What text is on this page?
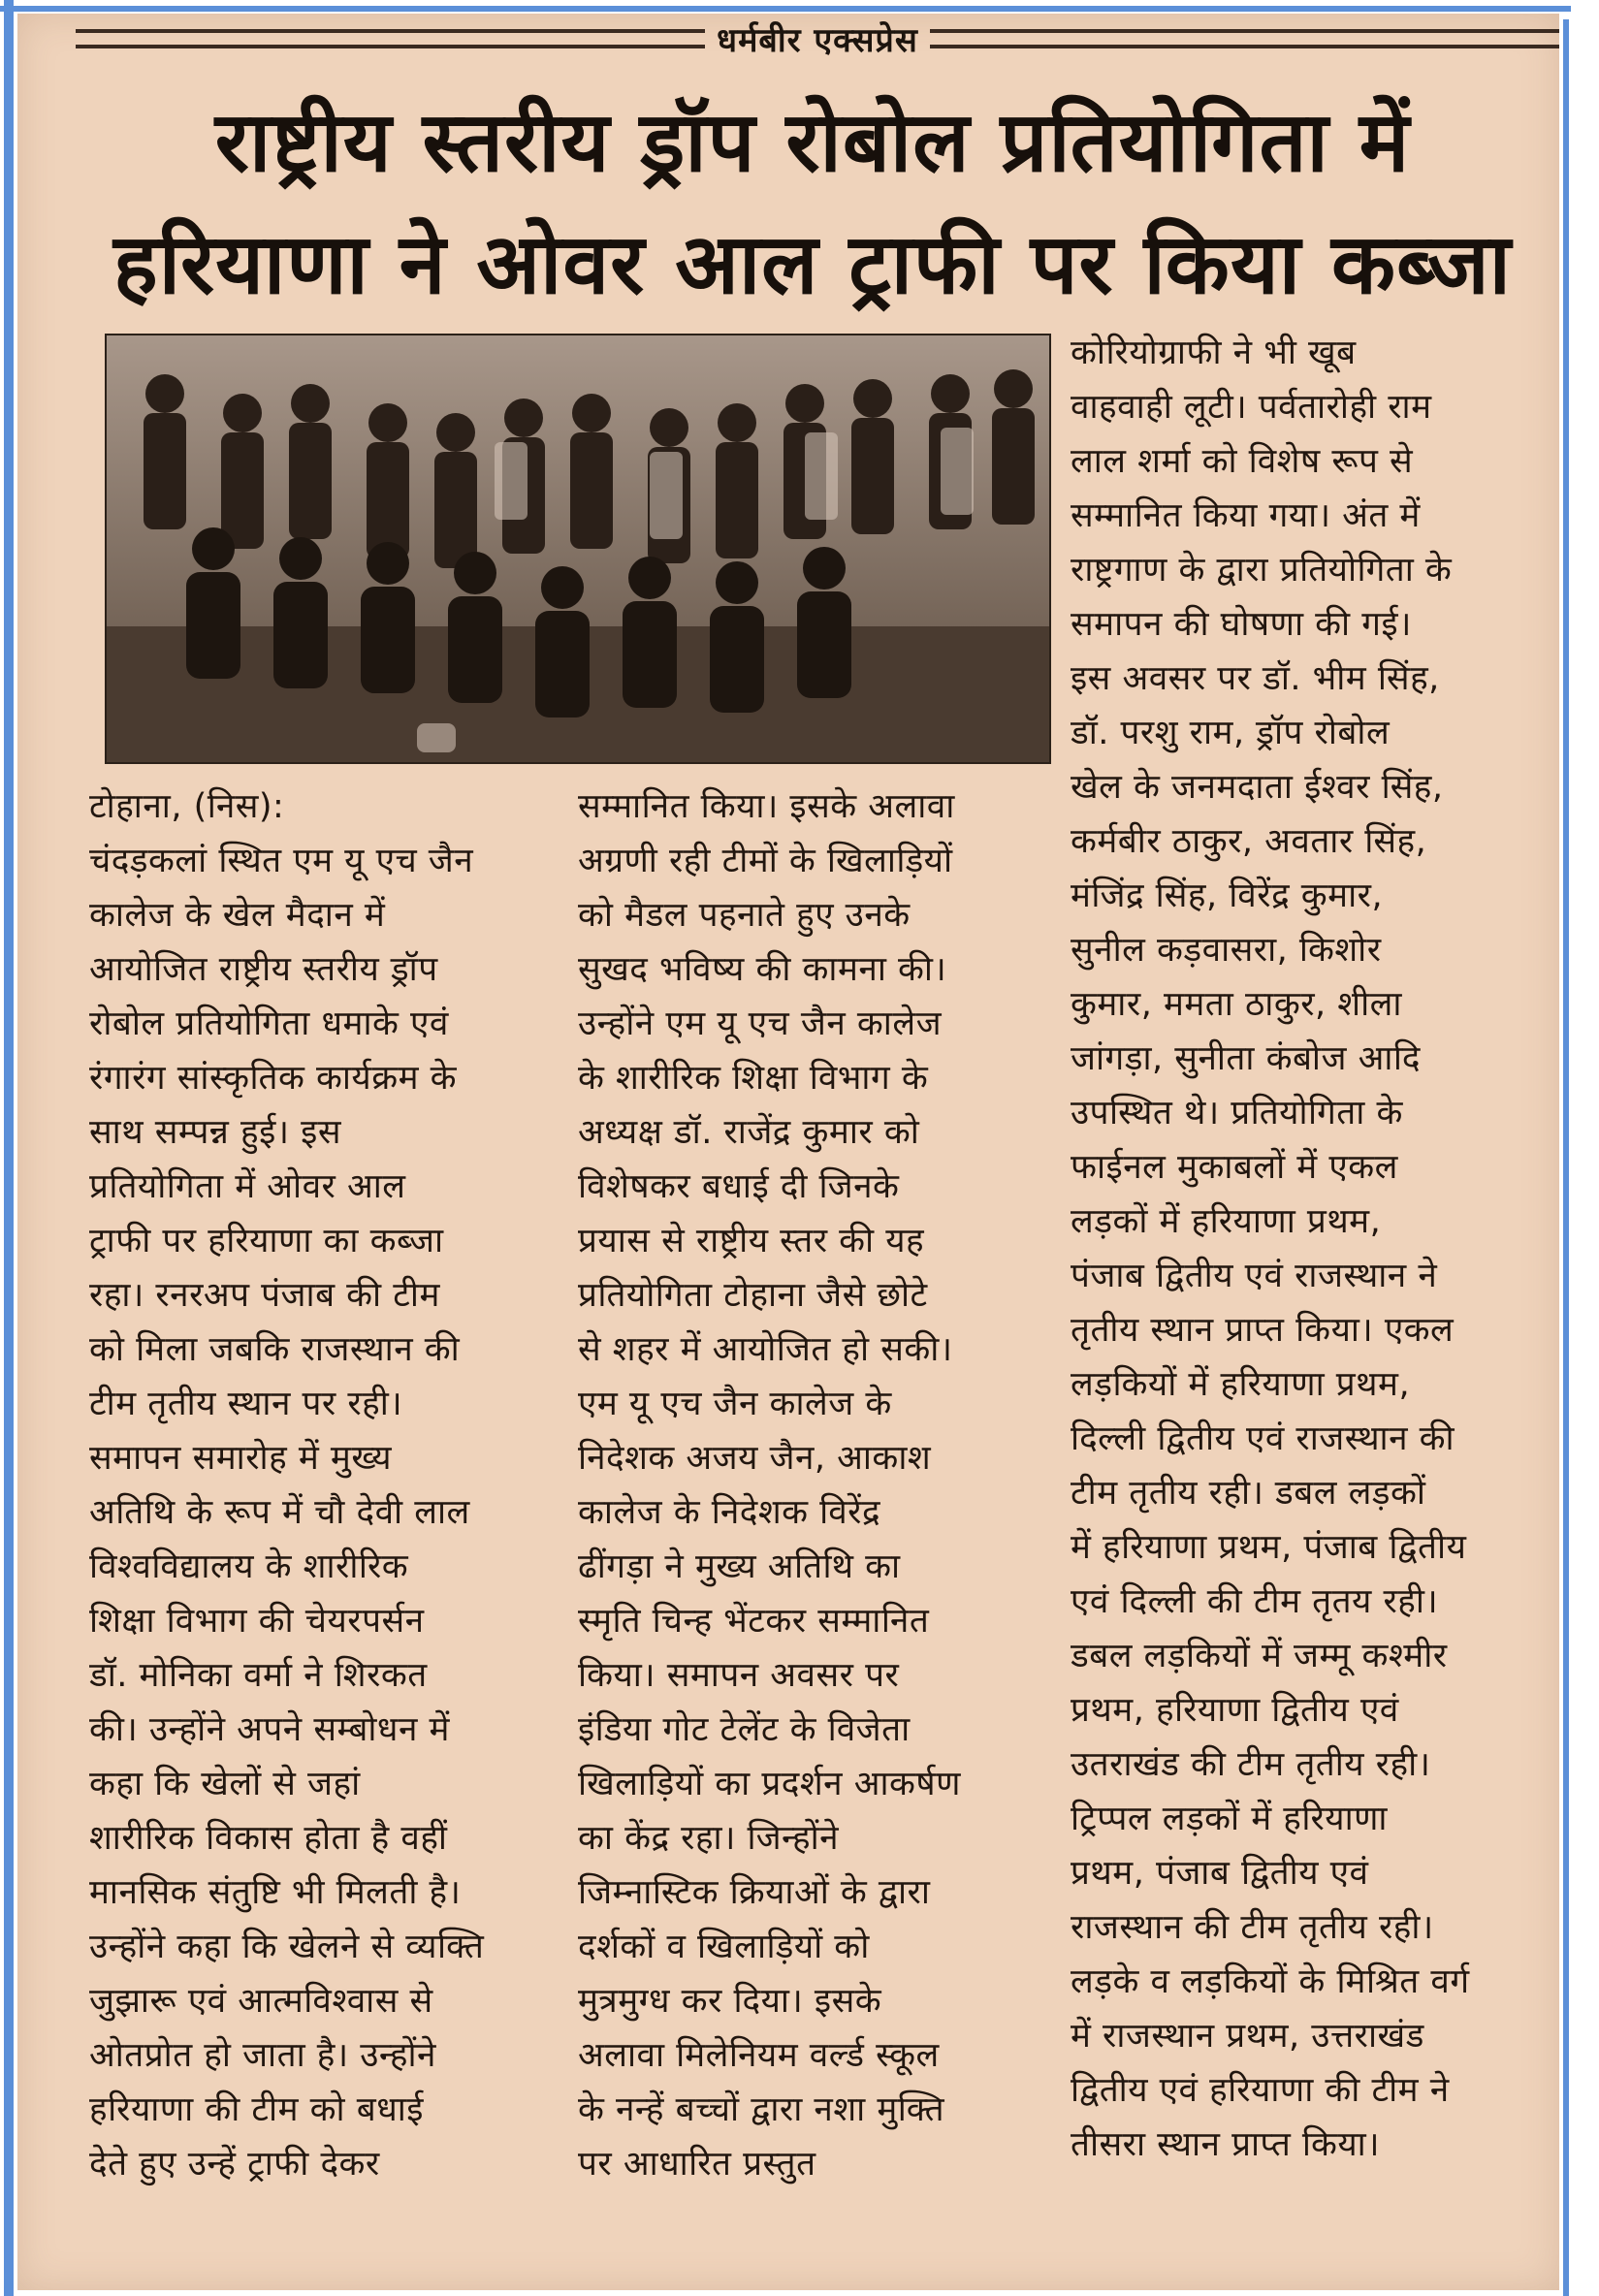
धर्मबीर एक्सप्रेस
राष्ट्रीय स्तरीय ड्रॉप रोबोल प्रतियोगिता में
हरियाणा ने ओवर आल ट्राफी पर किया कब्जा
टोहाना, (निस):
चंदड़कलां स्थित एम यू एच जैन
कालेज के खेल मैदान में
आयोजित राष्ट्रीय स्तरीय ड्रॉप
रोबोल प्रतियोगिता धमाके एवं
रंगारंग सांस्कृतिक कार्यक्रम के
साथ सम्पन्न हुई। इस
प्रतियोगिता में ओवर आल
ट्राफी पर हरियाणा का कब्जा
रहा। रनरअप पंजाब की टीम
को मिला जबकि राजस्थान की
टीम तृतीय स्थान पर रही।
समापन समारोह में मुख्य
अतिथि के रूप में चौ देवी लाल
विश्वविद्यालय के शारीरिक
शिक्षा विभाग की चेयरपर्सन
डॉ. मोनिका वर्मा ने शिरकत
की। उन्होंने अपने सम्बोधन में
कहा कि खेलों से जहां
शारीरिक विकास होता है वहीं
मानसिक संतुष्टि भी मिलती है।
उन्होंने कहा कि खेलने से व्यक्ति
जुझारू एवं आत्मविश्वास से
ओतप्रोत हो जाता है। उन्होंने
हरियाणा की टीम को बधाई
देते हुए उन्हें ट्राफी देकर
सम्मानित किया। इसके अलावा
अग्रणी रही टीमों के खिलाड़ियों
को मैडल पहनाते हुए उनके
सुखद भविष्य की कामना की।
उन्होंने एम यू एच जैन कालेज
के शारीरिक शिक्षा विभाग के
अध्यक्ष डॉ. राजेंद्र कुमार को
विशेषकर बधाई दी जिनके
प्रयास से राष्ट्रीय स्तर की यह
प्रतियोगिता टोहाना जैसे छोटे
से शहर में आयोजित हो सकी।
एम यू एच जैन कालेज के
निदेशक अजय जैन, आकाश
कालेज के निदेशक विरेंद्र
ढींगड़ा ने मुख्य अतिथि का
स्मृति चिन्ह भेंटकर सम्मानित
किया। समापन अवसर पर
इंडिया गोट टेलेंट के विजेता
खिलाड़ियों का प्रदर्शन आकर्षण
का केंद्र रहा। जिन्होंने
जिम्नास्टिक क्रियाओं के द्वारा
दर्शकों व खिलाड़ियों को
मुत्रमुग्ध कर दिया। इसके
अलावा मिलेनियम वर्ल्ड स्कूल
के नन्हें बच्चों द्वारा नशा मुक्ति
पर आधारित प्रस्तुत
कोरियोग्राफी ने भी खूब
वाहवाही लूटी। पर्वतारोही राम
लाल शर्मा को विशेष रूप से
सम्मानित किया गया। अंत में
राष्ट्रगाण के द्वारा प्रतियोगिता के
समापन की घोषणा की गई।
इस अवसर पर डॉ. भीम सिंह,
डॉ. परशु राम, ड्रॉप रोबोल
खेल के जनमदाता ईश्वर सिंह,
कर्मबीर ठाकुर, अवतार सिंह,
मंजिंद्र सिंह, विरेंद्र कुमार,
सुनील कड़वासरा, किशोर
कुमार, ममता ठाकुर, शीला
जांगड़ा, सुनीता कंबोज आदि
उपस्थित थे। प्रतियोगिता के
फाईनल मुकाबलों में एकल
लड़कों में हरियाणा प्रथम,
पंजाब द्वितीय एवं राजस्थान ने
तृतीय स्थान प्राप्त किया। एकल
लड़कियों में हरियाणा प्रथम,
दिल्ली द्वितीय एवं राजस्थान की
टीम तृतीय रही। डबल लड़कों
में हरियाणा प्रथम, पंजाब द्वितीय
एवं दिल्ली की टीम तृतय रही।
डबल लड़कियों में जम्मू कश्मीर
प्रथम, हरियाणा द्वितीय एवं
उतराखंड की टीम तृतीय रही।
ट्रिप्पल लड़कों में हरियाणा
प्रथम, पंजाब द्वितीय एवं
राजस्थान की टीम तृतीय रही।
लड़के व लड़कियों के मिश्रित वर्ग
में राजस्थान प्रथम, उत्तराखंड
द्वितीय एवं हरियाणा की टीम ने
तीसरा स्थान प्राप्त किया।
